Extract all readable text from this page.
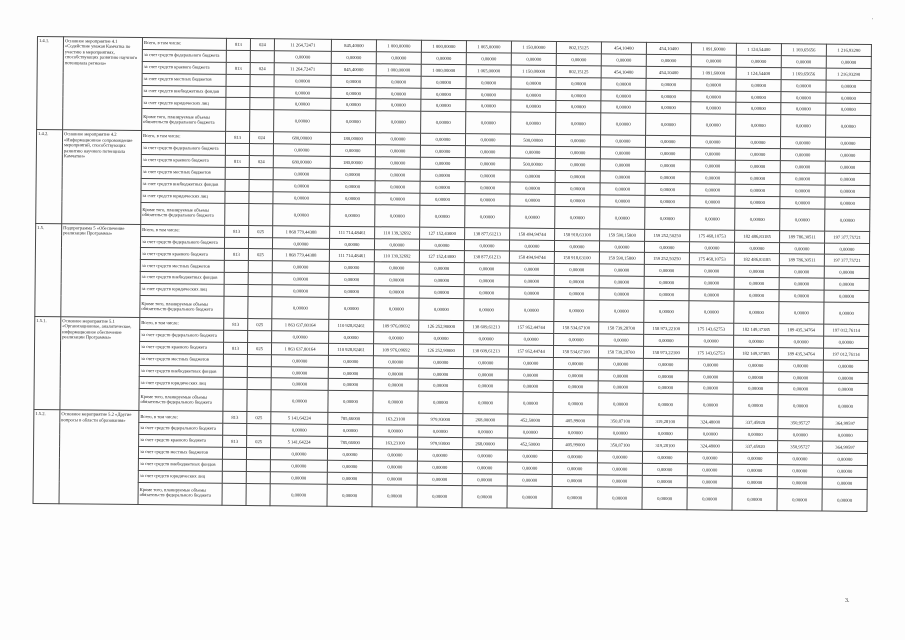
'
1.4.1.	Основное мероприятие 4.1 «Содействие уважая Камчатка по участию в мероприятиях, способствующих развитию научного потенциала региона»	Всего, в том числе:	813	024	11 264,72471	845,40000	1 000,00000	1 000,00000	1 065,00000	1 150,00000	802,15125	454,10400	454,10400	1 091,60000	1 124,54400	1 169,65656	1 216,93290
		за счет средств федерального бюджета			0,00000	0,00000	0,00000	0,00000	0,00000	0,00000	0,00000	0,00000	0,00000	0,00000	0,00000	0,00000	0,00000
		за счет средств краевого бюджета	813	024	11 264,72471	845,40000	1 000,00000	1 000,00000	1 065,00000	1 150,00000	802,15125	454,10400	454,10400	1 091,60000	1 124,54400	1 169,65656	1 216,93290
		за счет средств местных бюджетов			0,00000	0,00000	0,00000	0,00000	0,00000	0,00000	0,00000	0,00000	0,00000	0,00000	0,00000	0,00000	0,00000
		за счет средств внебюджетных фондов			0,00000	0,00000	0,00000	0,00000	0,00000	0,00000	0,00000	0,00000	0,00000	0,00000	0,00000	0,00000	0,00000
		за счет средств юридических лиц			0,00000	0,00000	0,00000	0,00000	0,00000	0,00000	0,00000	0,00000	0,00000	0,00000	0,00000	0,00000	0,00000
		Кроме того, планируемые объемы обязательств федерального бюджета			0,00000	0,00000	0,00000	0,00000	0,00000	0,00000	0,00000	0,00000	0,00000	0,00000	0,00000	0,00000	0,00000
1.4.2.	Основное мероприятие 4.2 «Информационное сопровождение мероприятий, способствующих развитию научного потенциала Камчатки»	Всего, в том числе:	813	024	680,00000	180,00000	0,00000	0,00000	0,00000	500,00000	0,00000	0,00000	0,00000	0,00000	0,00000	0,00000	0,00000
		за счет средств федерального бюджета			0,00000	0,00000	0,00000	0,00000	0,00000	0,00000	0,00000	0,00000	0,00000	0,00000	0,00000	0,00000	0,00000
		за счет средств краевого бюджета	813	024	680,00000	180,00000	0,00000	0,00000	0,00000	500,00000	0,00000	0,00000	0,00000	0,00000	0,00000	0,00000	0,00000
		за счет средств местных бюджетов			0,00000	0,00000	0,00000	0,00000	0,00000	0,00000	0,00000	0,00000	0,00000	0,00000	0,00000	0,00000	0,00000
		за счет средств внебюджетных фондов			0,00000	0,00000	0,00000	0,00000	0,00000	0,00000	0,00000	0,00000	0,00000	0,00000	0,00000	0,00000	0,00000
		за счет средств юридических лиц			0,00000	0,00000	0,00000	0,00000	0,00000	0,00000	0,00000	0,00000	0,00000	0,00000	0,00000	0,00000	0,00000
		Кроме того, планируемые объемы обязательств федерального бюджета			0,00000	0,00000	0,00000	0,00000	0,00000	0,00000	0,00000	0,00000	0,00000	0,00000	0,00000	0,00000	0,00000
1.5.	Подпрограмма 5 «Обеспечение реализации Программы»	Всего, в том числе:	813	025	1 868 779,44388	111 714,48461	110 139,32692	127 152,43000	138 877,61213	158 494,94744	158 918,63100	159 590,15800	159 252,50250	175 468,10753	182 486,83185	189 786,30511	197 377,75721
		за счет средств федерального бюджета			0,00000	0,00000	0,00000	0,00000	0,00000	0,00000	0,00000	0,00000	0,00000	0,00000	0,00000	0,00000	0,00000
		за счет средств краевого бюджета	813	025	1 868 779,44388	111 714,48461	110 139,32692	127 152,43000	138 877,61213	158 494,94744	158 918,63100	159 590,15800	159 252,50250	175 468,10753	182 486,83185	189 786,30511	197 377,75721
		за счет средств местных бюджетов			0,00000	0,00000	0,00000	0,00000	0,00000	0,00000	0,00000	0,00000	0,00000	0,00000	0,00000	0,00000	0,00000
		за счет средств внебюджетных фондов			0,00000	0,00000	0,00000	0,00000	0,00000	0,00000	0,00000	0,00000	0,00000	0,00000	0,00000	0,00000	0,00000
		за счет средств юридических лиц			0,00000	0,00000	0,00000	0,00000	0,00000	0,00000	0,00000	0,00000	0,00000	0,00000	0,00000	0,00000	0,00000
		Кроме того, планируемые объемы обязательств федерального бюджета			0,00000	0,00000	0,00000	0,00000	0,00000	0,00000	0,00000	0,00000	0,00000	0,00000	0,00000	0,00000	0,00000
1.5.1.	Основное мероприятие 5.1 «Организационное, аналитическое, информационное обеспечение реализации Программы»	Всего, в том числе:	813	025	1 863 637,80164	110 928,82461	109 976,09692	126 252,90000	138 609,61213	157 952,44744	158 534,67100	158 739,28700	158 973,22100	175 143,62753	182 149,37385	189 435,34764	197 012,76114
		за счет средств федерального бюджета			0,00000	0,00000	0,00000	0,00000	0,00000	0,00000	0,00000	0,00000	0,00000	0,00000	0,00000	0,00000	0,00000
		за счет средств краевого бюджета	813	025	1 863 637,80164	110 928,82461	109 976,09692	126 252,90000	138 609,61213	157 952,44744	158 534,67100	158 739,28700	158 973,22100	175 143,62753	182 149,37385	189 435,34764	197 012,76114
		за счет средств местных бюджетов			0,00000	0,00000	0,00000	0,00000	0,00000	0,00000	0,00000	0,00000	0,00000	0,00000	0,00000	0,00000	0,00000
		за счет средств внебюджетных фондов			0,00000	0,00000	0,00000	0,00000	0,00000	0,00000	0,00000	0,00000	0,00000	0,00000	0,00000	0,00000	0,00000
		за счет средств юридических лиц			0,00000	0,00000	0,00000	0,00000	0,00000	0,00000	0,00000	0,00000	0,00000	0,00000	0,00000	0,00000	0,00000
		Кроме того, планируемые объемы обязательств федерального бюджета			0,00000	0,00000	0,00000	0,00000	0,00000	0,00000	0,00000	0,00000	0,00000	0,00000	0,00000	0,00000	0,00000
1.5.2.	Основное мероприятие 5.2 «Другие вопросы в области образования»	Всего, в том числе:	813	025	5 141,64224	785,66000	163,23100	979,93000	268,00000	452,50000	405,99000	350,87100	319,28100	324,48000	337,45920	350,95727	364,99597
		за счет средств федерального бюджета			0,00000	0,00000	0,00000	0,00000	0,00000	0,00000	0,00000	0,00000	0,00000	0,00000	0,00000	0,00000	0,00000
		за счет средств краевого бюджета	813	025	5 141,64224	785,66000	163,23100	979,93000	268,00000	452,50000	405,99000	350,87100	319,28100	324,48000	337,45920	350,95727	364,99597
		за счет средств местных бюджетов			0,00000	0,00000	0,00000	0,00000	0,00000	0,00000	0,00000	0,00000	0,00000	0,00000	0,00000	0,00000	0,00000
		за счет средств внебюджетных фондов			0,00000	0,00000	0,00000	0,00000	0,00000	0,00000	0,00000	0,00000	0,00000	0,00000	0,00000	0,00000	0,00000
		за счет средств юридических лиц			0,00000	0,00000	0,00000	0,00000	0,00000	0,00000	0,00000	0,00000	0,00000	0,00000	0,00000	0,00000	0,00000
		Кроме того, планируемые объемы обязательств федерального бюджета			0,00000	0,00000	0,00000	0,00000	0,00000	0,00000	0,00000	0,00000	0,00000	0,00000	0,00000	0,00000	0,00000
3.
